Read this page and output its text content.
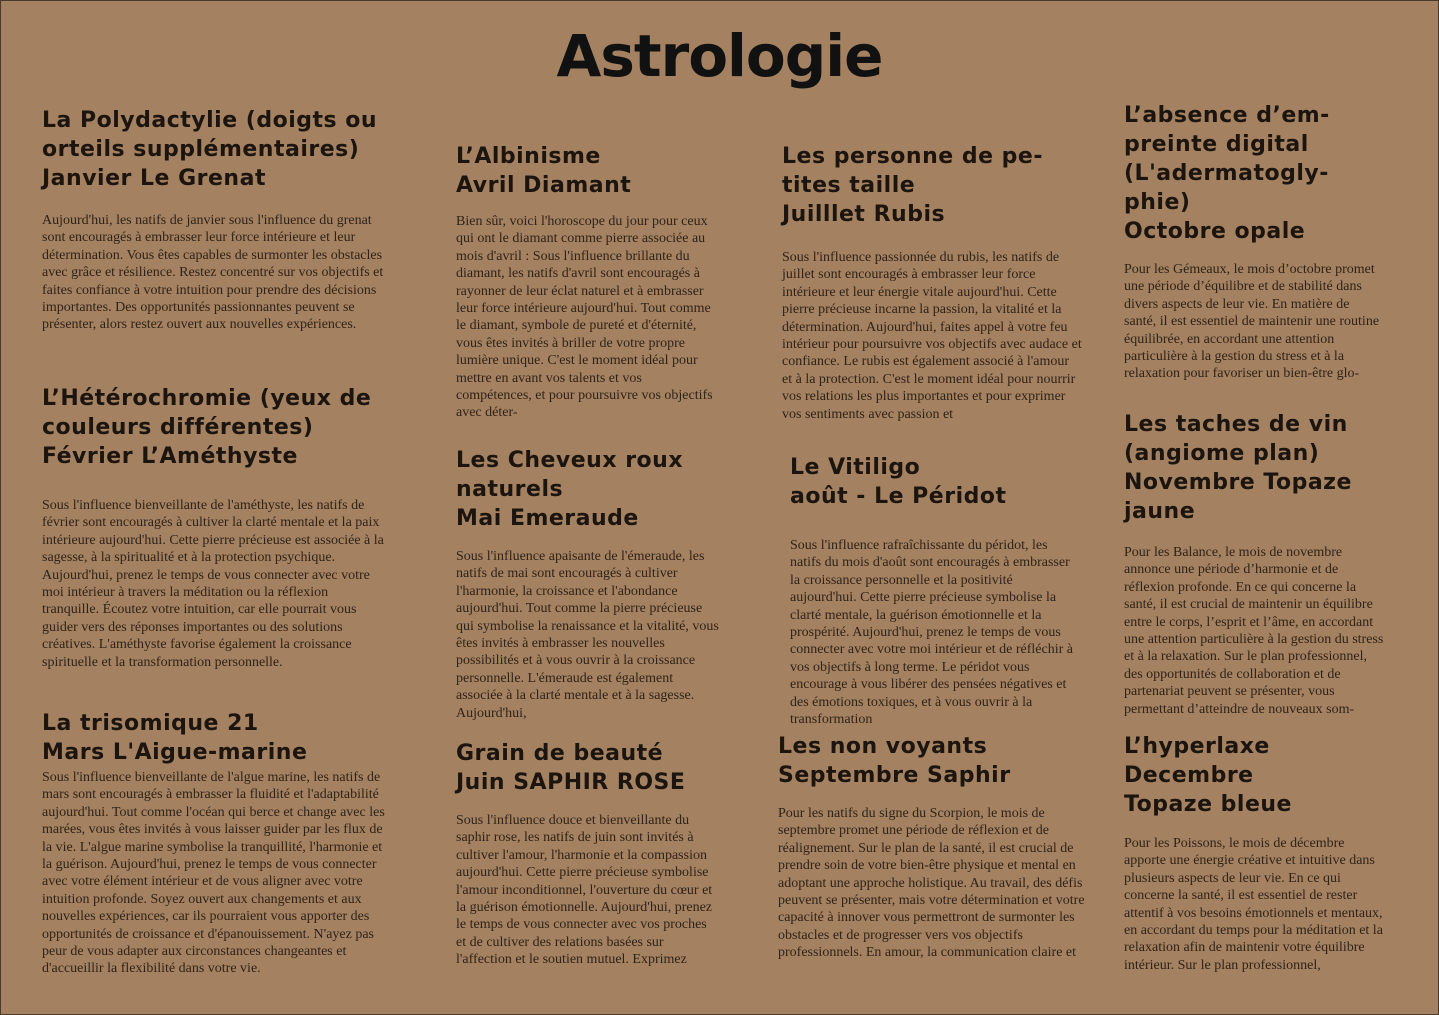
Astrologie
La Polydactylie (doigts ou
orteils supplémentaires)
Janvier Le Grenat

Aujourd'hui, les natifs de janvier sous l'influence du grenat sont encouragés à embrasser leur force intérieure et leur détermination. Vous êtes capables de surmonter les obstacles avec grâce et résilience. Restez concentré sur vos objectifs et faites confiance à votre intuition pour prendre des décisions importantes. Des opportunités passionnantes peuvent se présenter, alors restez ouvert aux nouvelles expériences.

L’Hétérochromie (yeux de
couleurs différentes)
Février L’Améthyste

Sous l'influence bienveillante de l'améthyste, les natifs de février sont encouragés à cultiver la clarté mentale et la paix intérieure aujourd'hui. Cette pierre précieuse est associée à la sagesse, à la spiritualité et à la protection psychique. Aujourd'hui, prenez le temps de vous connecter avec votre moi intérieur à travers la méditation ou la réflexion tranquille. Écoutez votre intuition, car elle pourrait vous guider vers des réponses importantes ou des solutions créatives. L'améthyste favorise également la croissance spirituelle et la transformation personnelle.

La trisomique 21
Mars L'Aigue-marine

Sous l'influence bienveillante de l'algue marine, les natifs de mars sont encouragés à embrasser la fluidité et l'adaptabilité aujourd'hui. Tout comme l'océan qui berce et change avec les marées, vous êtes invités à vous laisser guider par les flux de la vie. L'algue marine symbolise la tranquillité, l'harmonie et la guérison. Aujourd'hui, prenez le temps de vous connecter avec votre élément intérieur et de vous aligner avec votre intuition profonde. Soyez ouvert aux changements et aux nouvelles expériences, car ils pourraient vous apporter des opportunités de croissance et d'épanouissement. N'ayez pas peur de vous adapter aux circonstances changeantes et d'accueillir la flexibilité dans votre vie.

L’Albinisme
Avril Diamant

Bien sûr, voici l'horoscope du jour pour ceux qui ont le diamant comme pierre associée au mois d'avril : Sous l'influence brillante du diamant, les natifs d'avril sont encouragés à rayonner de leur éclat naturel et à embrasser leur force intérieure aujourd'hui. Tout comme le diamant, symbole de pureté et d'éternité, vous êtes invités à briller de votre propre lumière unique. C'est le moment idéal pour mettre en avant vos talents et vos compétences, et pour poursuivre vos objectifs avec déter-

Les Cheveux roux
naturels
Mai Emeraude

Sous l'influence apaisante de l'émeraude, les natifs de mai sont encouragés à cultiver l'harmonie, la croissance et l'abondance aujourd'hui. Tout comme la pierre précieuse qui symbolise la renaissance et la vitalité, vous êtes invités à embrasser les nouvelles possibilités et à vous ouvrir à la croissance personnelle. L'émeraude est également associée à la clarté mentale et à la sagesse. Aujourd'hui,

Grain de beauté
Juin SAPHIR ROSE

Sous l'influence douce et bienveillante du saphir rose, les natifs de juin sont invités à cultiver l'amour, l'harmonie et la compassion aujourd'hui. Cette pierre précieuse symbolise l'amour inconditionnel, l'ouverture du cœur et la guérison émotionnelle. Aujourd'hui, prenez le temps de vous connecter avec vos proches et de cultiver des relations basées sur l'affection et le soutien mutuel. Exprimez

Les personne de pe-
tites taille
Juilllet Rubis

Sous l'influence passionnée du rubis, les natifs de juillet sont encouragés à embrasser leur force intérieure et leur énergie vitale aujourd'hui. Cette pierre précieuse incarne la passion, la vitalité et la détermination. Aujourd'hui, faites appel à votre feu intérieur pour poursuivre vos objectifs avec audace et confiance. Le rubis est également associé à l'amour et à la protection. C'est le moment idéal pour nourrir vos relations les plus importantes et pour exprimer vos sentiments avec passion et

Le Vitiligo
août - Le Péridot

Sous l'influence rafraîchissante du péridot, les natifs du mois d'août sont encouragés à embrasser la croissance personnelle et la positivité aujourd'hui. Cette pierre précieuse symbolise la clarté mentale, la guérison émotionnelle et la prospérité. Aujourd'hui, prenez le temps de vous connecter avec votre moi intérieur et de réfléchir à vos objectifs à long terme. Le péridot vous encourage à vous libérer des pensées négatives et des émotions toxiques, et à vous ouvrir à la transformation

Les non voyants
Septembre Saphir

Pour les natifs du signe du Scorpion, le mois de septembre promet une période de réflexion et de réalignement. Sur le plan de la santé, il est crucial de prendre soin de votre bien-être physique et mental en adoptant une approche holistique. Au travail, des défis peuvent se présenter, mais votre détermination et votre capacité à innover vous permettront de surmonter les obstacles et de progresser vers vos objectifs professionnels. En amour, la communication claire et

L’absence d’em-
preinte digital
(L'adermatogly-
phie)
Octobre opale

Pour les Gémeaux, le mois d’octobre promet une période d’équilibre et de stabilité dans divers aspects de leur vie. En matière de santé, il est essentiel de maintenir une routine équilibrée, en accordant une attention particulière à la gestion du stress et à la relaxation pour favoriser un bien-être glo-

Les taches de vin
(angiome plan)
Novembre Topaze
jaune

Pour les Balance, le mois de novembre annonce une période d’harmonie et de réflexion profonde. En ce qui concerne la santé, il est crucial de maintenir un équilibre entre le corps, l’esprit et l’âme, en accordant une attention particulière à la gestion du stress et à la relaxation. Sur le plan professionnel, des opportunités de collaboration et de partenariat peuvent se présenter, vous permettant d’atteindre de nouveaux som-

L’hyperlaxe
Decembre
Topaze bleue

Pour les Poissons, le mois de décembre apporte une énergie créative et intuitive dans plusieurs aspects de leur vie. En ce qui concerne la santé, il est essentiel de rester attentif à vos besoins émotionnels et mentaux, en accordant du temps pour la méditation et la relaxation afin de maintenir votre équilibre intérieur. Sur le plan professionnel,
